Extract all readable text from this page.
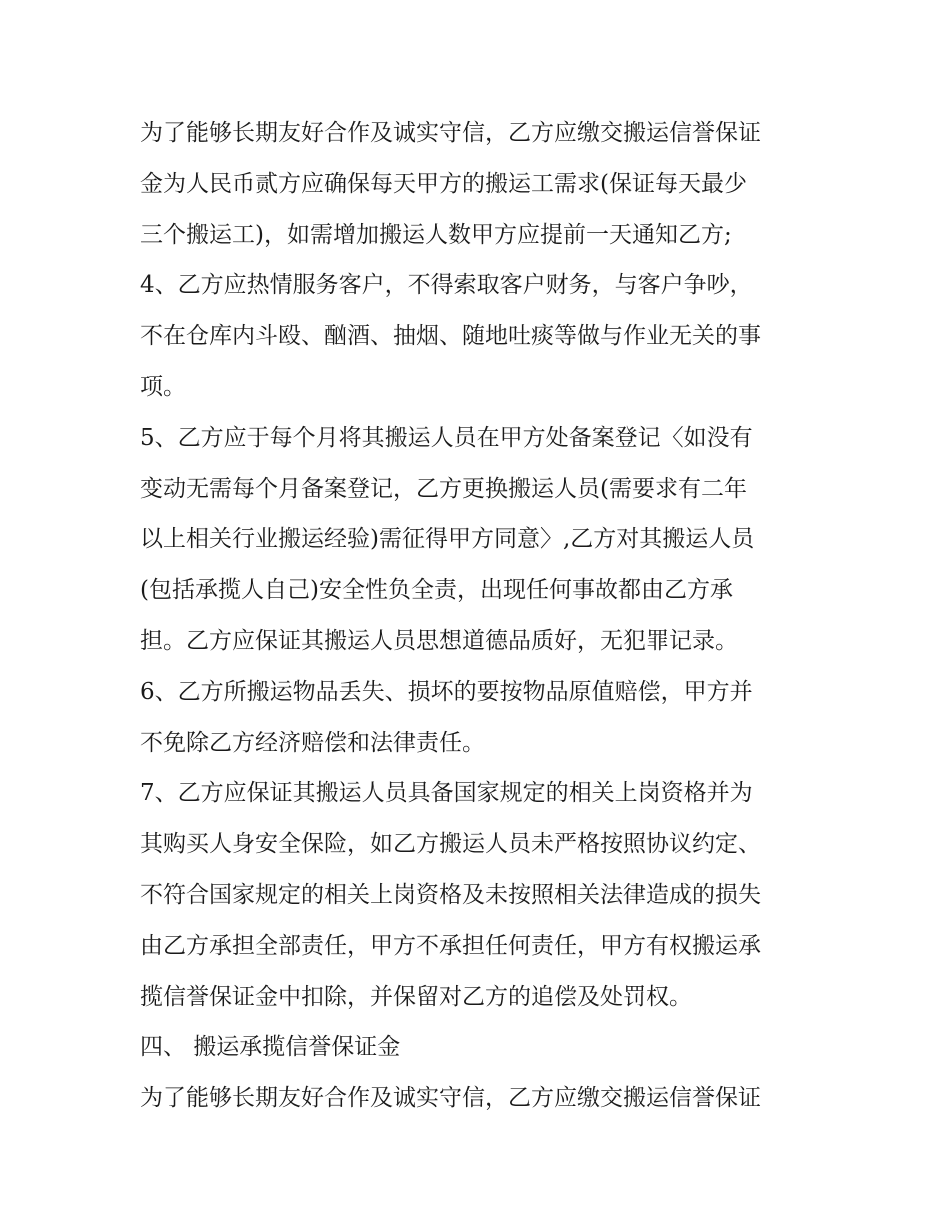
为了能够长期友好合作及诚实守信，乙方应缴交搬运信誉保证
金为人民币贰方应确保每天甲方的搬运工需求(保证每天最少
三个搬运工)，如需增加搬运人数甲方应提前一天通知乙方;
4、乙方应热情服务客户，不得索取客户财务，与客户争吵，
不在仓库内斗殴、酗酒、抽烟、随地吐痰等做与作业无关的事
项。
5、乙方应于每个月将其搬运人员在甲方处备案登记〈如没有
变动无需每个月备案登记，乙方更换搬运人员(需要求有二年
以上相关行业搬运经验)需征得甲方同意〉,乙方对其搬运人员
(包括承揽人自己)安全性负全责，出现任何事故都由乙方承
担。乙方应保证其搬运人员思想道德品质好，无犯罪记录。
6、乙方所搬运物品丢失、损坏的要按物品原值赔偿，甲方并
不免除乙方经济赔偿和法律责任。
7、乙方应保证其搬运人员具备国家规定的相关上岗资格并为
其购买人身安全保险，如乙方搬运人员未严格按照协议约定、
不符合国家规定的相关上岗资格及未按照相关法律造成的损失
由乙方承担全部责任，甲方不承担任何责任，甲方有权搬运承
揽信誉保证金中扣除，并保留对乙方的追偿及处罚权。
四、 搬运承揽信誉保证金
为了能够长期友好合作及诚实守信，乙方应缴交搬运信誉保证
